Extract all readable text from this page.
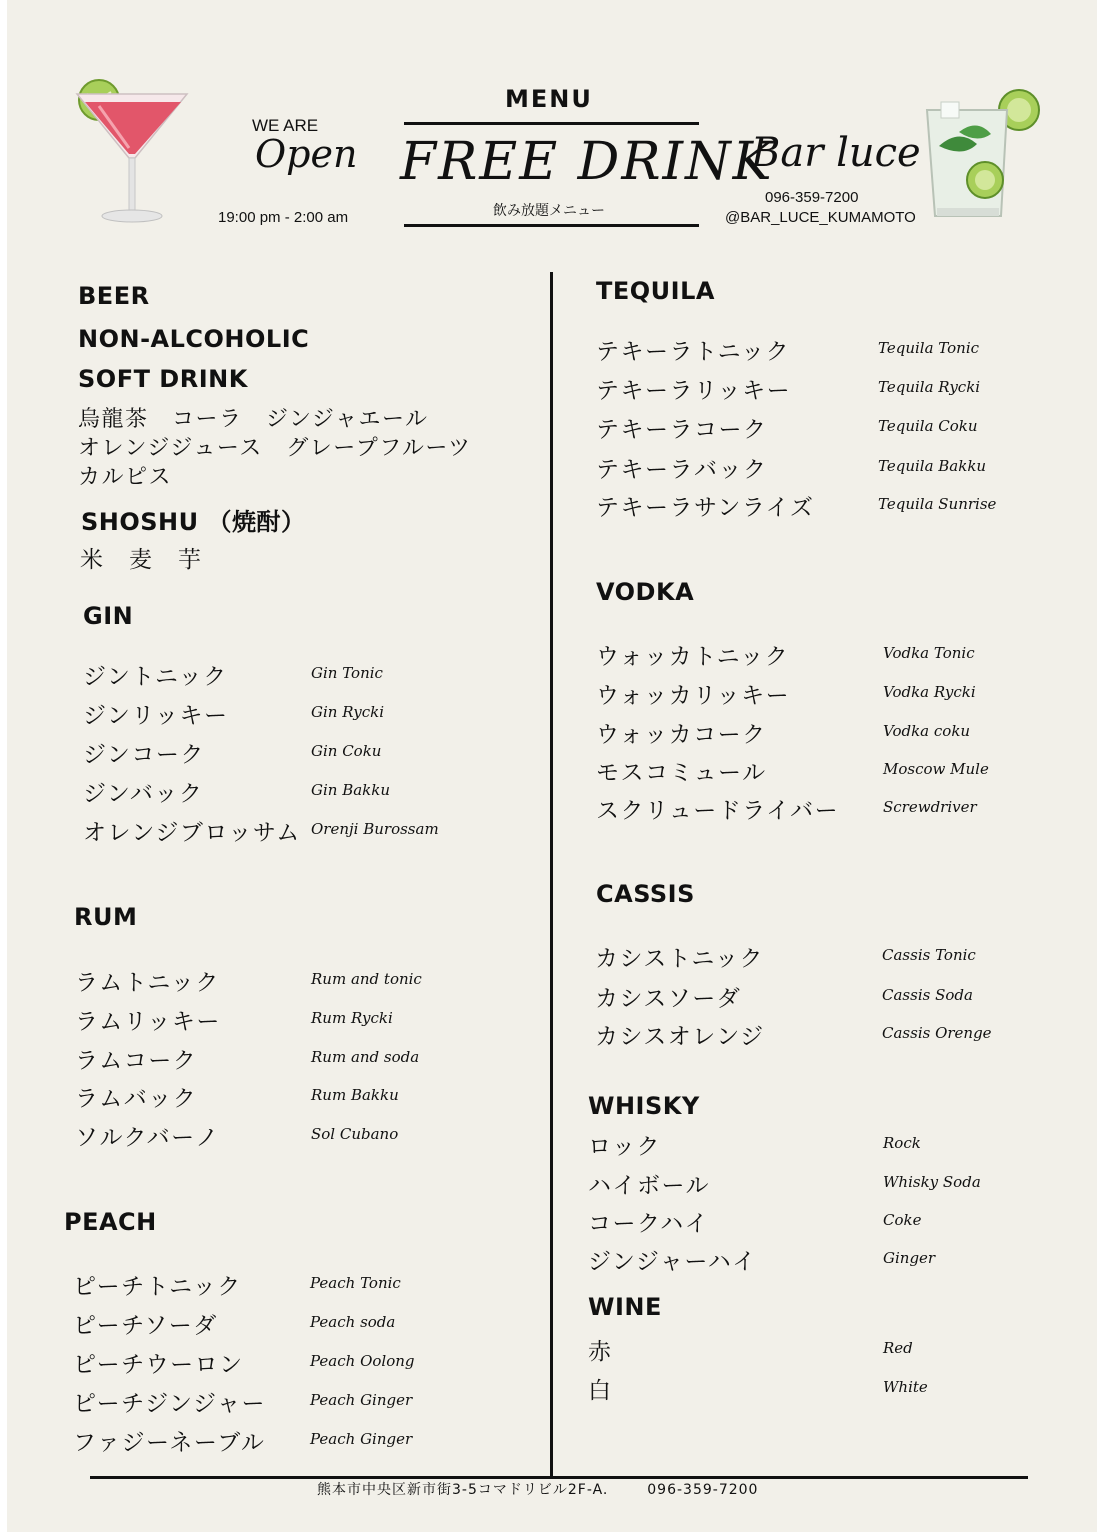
WE ARE
Open
19:00 pm - 2:00 am
MENU
FREE DRINK
飲み放題メニュー
Bar luce
096-359-7200
@BAR_LUCE_KUMAMOTO
BEER
NON-ALCOHOLIC
SOFT DRINK
烏龍茶　コーラ　ジンジャエール
オレンジジュース　グレープフルーツ
カルピス
SHOSHU （焼酎）
米　麦　芋
GIN
ジントニック	Gin Tonic
ジンリッキー	Gin Rycki
ジンコーク	Gin Coku
ジンバック	Gin Bakku
オレンジブロッサム Orenji Burossam
RUM
ラムトニック	Rum and tonic
ラムリッキー	Rum Rycki
ラムコーク	Rum and soda
ラムバック	Rum Bakku
ソルクバーノ	Sol Cubano
PEACH
ピーチトニック	Peach Tonic
ピーチソーダ	Peach soda
ピーチウーロン	Peach Oolong
ピーチジンジャー	Peach Ginger
ファジーネーブル	Peach Ginger
TEQUILA
テキーラトニック	Tequila Tonic
テキーラリッキー	Tequila Rycki
テキーラコーク	Tequila Coku
テキーラバック	Tequila Bakku
テキーラサンライズ	Tequila Sunrise
VODKA
ウォッカトニック	Vodka Tonic
ウォッカリッキー	Vodka Rycki
ウォッカコーク	Vodka coku
モスコミュール	Moscow Mule
スクリュードライバー	Screwdriver
CASSIS
カシストニック	Cassis Tonic
カシスソーダ	Cassis Soda
カシスオレンジ	Cassis Orenge
WHISKY
ロック	Rock
ハイボール	Whisky Soda
コークハイ	Coke
ジンジャーハイ	Ginger
WINE
赤	Red
白	White
熊本市中央区新市街3-5コマドリビル2F-A.	096-359-7200
